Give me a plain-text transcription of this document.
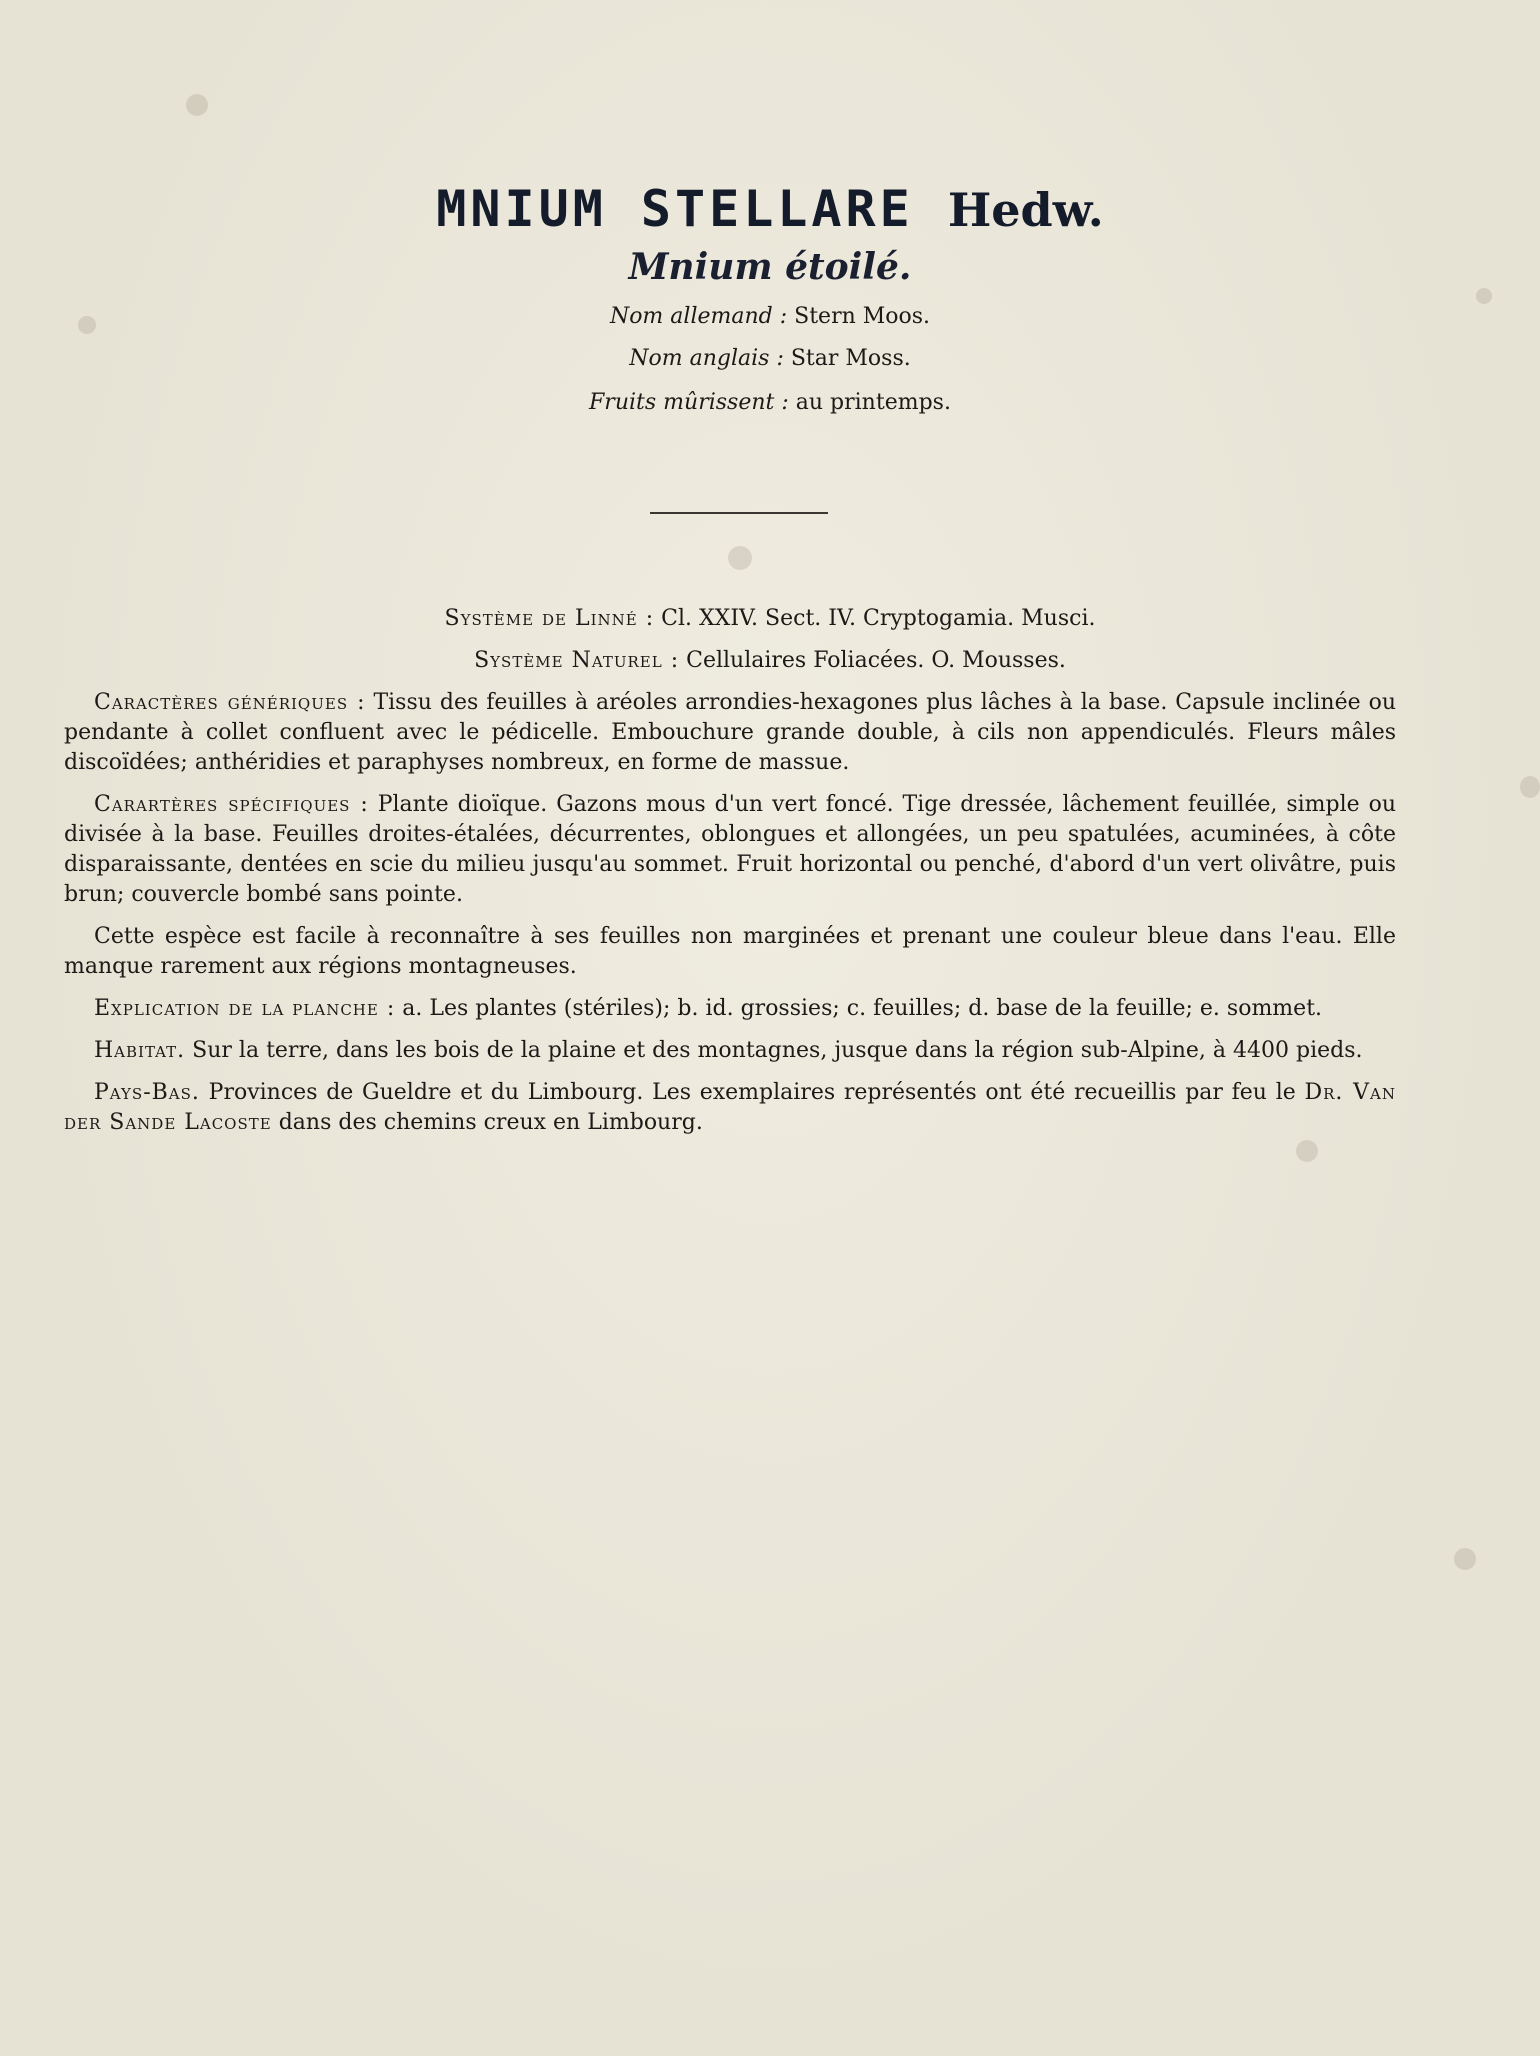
MNIUM STELLARE Hedw.
Mnium étoilé.
Nom allemand : Stern Moos.
Nom anglais : Star Moss.
Fruits mûrissent : au printemps.
Système de Linné : Cl. XXIV. Sect. IV. Cryptogamia. Musci.
Système Naturel : Cellulaires Foliacées. O. Mousses.

Caractères génériques : Tissu des feuilles à aréoles arrondies-hexagones plus lâches à la base. Capsule inclinée ou pendante à collet confluent avec le pédicelle. Embouchure grande double, à cils non appendiculés. Fleurs mâles discoïdées; anthéridies et paraphyses nombreux, en forme de massue.

Carartères spécifiques : Plante dioïque. Gazons mous d'un vert foncé. Tige dressée, lâchement feuillée, simple ou divisée à la base. Feuilles droites-étalées, décurrentes, oblongues et allongées, un peu spatulées, acuminées, à côte disparaissante, dentées en scie du milieu jusqu'au sommet. Fruit horizontal ou penché, d'abord d'un vert olivâtre, puis brun; couvercle bombé sans pointe.

Cette espèce est facile à reconnaître à ses feuilles non marginées et prenant une couleur bleue dans l'eau. Elle manque rarement aux régions montagneuses.

Explication de la planche : a. Les plantes (stériles); b. id. grossies; c. feuilles; d. base de la feuille; e. sommet.

Habitat. Sur la terre, dans les bois de la plaine et des montagnes, jusque dans la région sub-Alpine, à 4400 pieds.

Pays-Bas. Provinces de Gueldre et du Limbourg. Les exemplaires représentés ont été recueillis par feu le Dr. Van der Sande Lacoste dans des chemins creux en Limbourg.
